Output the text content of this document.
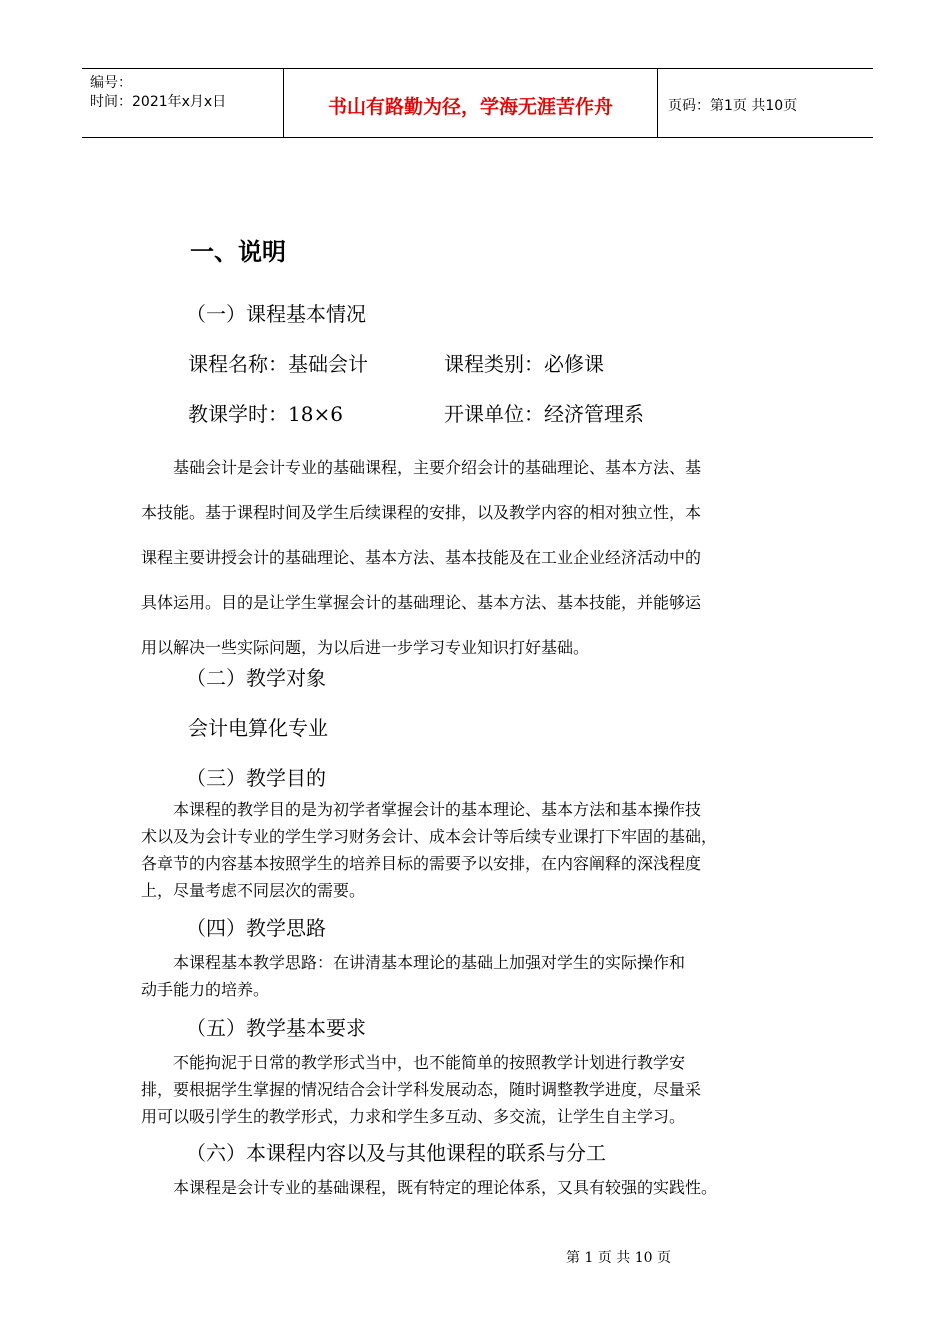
编号：
时间：2021年x月x日	书山有路勤为径，学海无涯苦作舟	页码：第1页 共10页
一、说明
（一）课程基本情况
课程名称：基础会计	课程类别：必修课
教课学时：18×6	开课单位：经济管理系
　　基础会计是会计专业的基础课程，主要介绍会计的基础理论、基本方法、基
本技能。基于课程时间及学生后续课程的安排，以及教学内容的相对独立性，本
课程主要讲授会计的基础理论、基本方法、基本技能及在工业企业经济活动中的
具体运用。目的是让学生掌握会计的基础理论、基本方法、基本技能，并能够运
用以解决一些实际问题，为以后进一步学习专业知识打好基础。
（二）教学对象
会计电算化专业
（三）教学目的
　　本课程的教学目的是为初学者掌握会计的基本理论、基本方法和基本操作技
术以及为会计专业的学生学习财务会计、成本会计等后续专业课打下牢固的基础，
各章节的内容基本按照学生的培养目标的需要予以安排，在内容阐释的深浅程度
上，尽量考虑不同层次的需要。
（四）教学思路
　　本课程基本教学思路：在讲清基本理论的基础上加强对学生的实际操作和
动手能力的培养。
（五）教学基本要求
　　不能拘泥于日常的教学形式当中，也不能简单的按照教学计划进行教学安
排，要根据学生掌握的情况结合会计学科发展动态，随时调整教学进度，尽量采
用可以吸引学生的教学形式，力求和学生多互动、多交流，让学生自主学习。
（六）本课程内容以及与其他课程的联系与分工
　　本课程是会计专业的基础课程，既有特定的理论体系，又具有较强的实践性。
第 1 页 共 10 页
